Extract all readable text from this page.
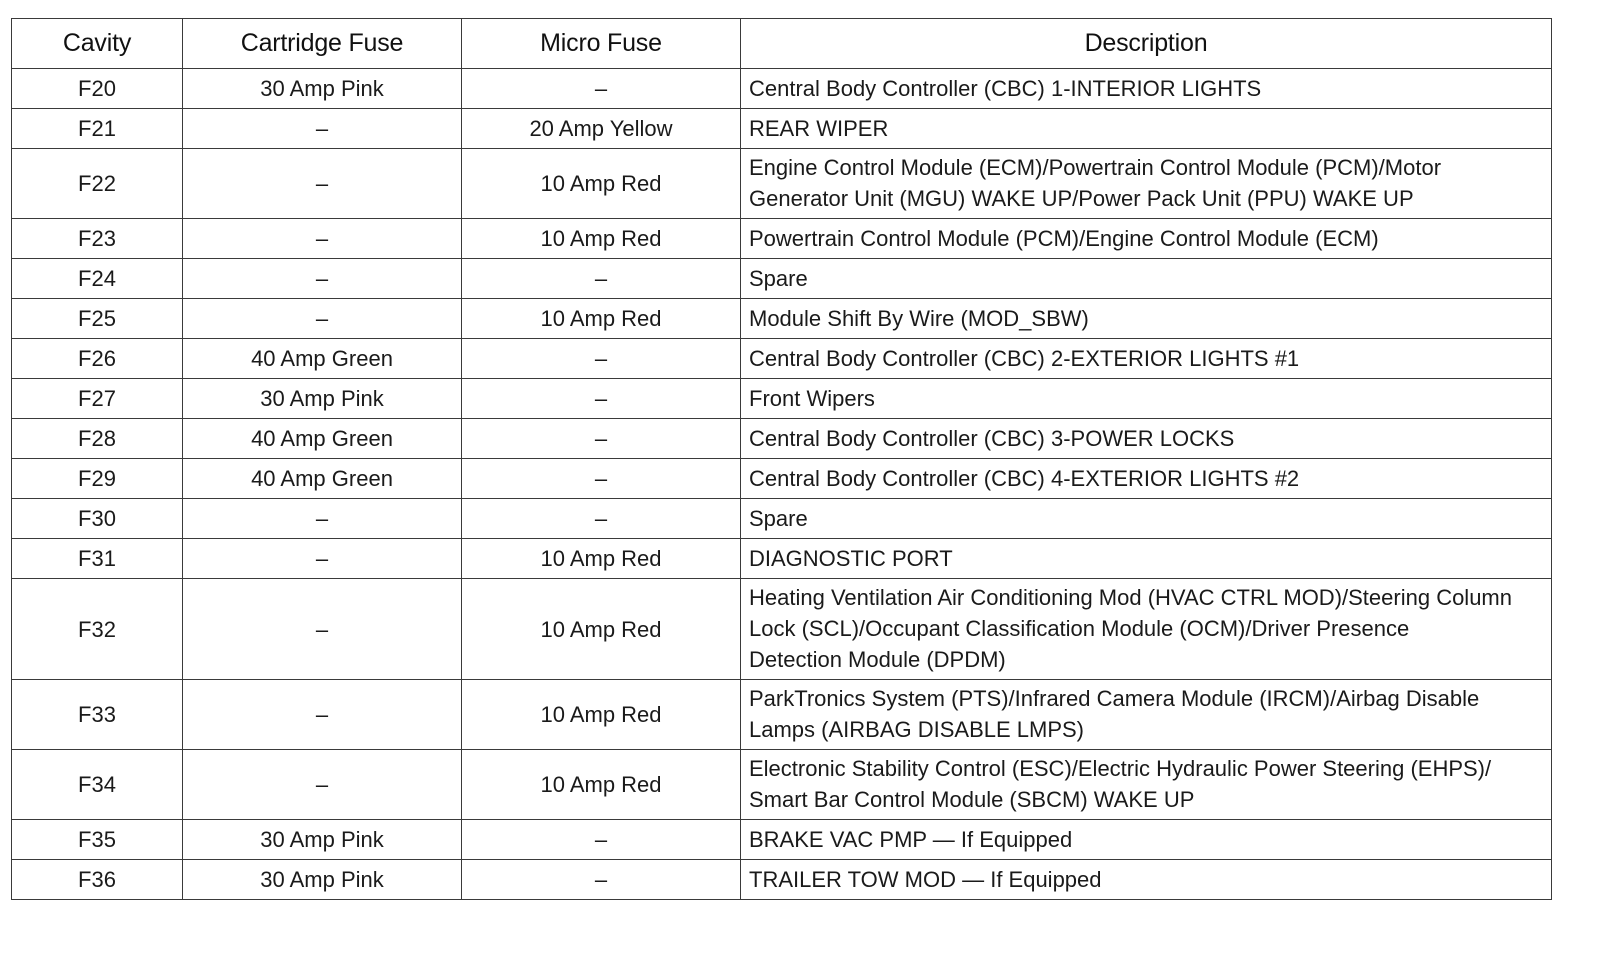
Cavity	Cartridge Fuse	Micro Fuse	Description
F20	30 Amp Pink	–	Central Body Controller (CBC) 1-INTERIOR LIGHTS
F21	–	20 Amp Yellow	REAR WIPER
F22	–	10 Amp Red	Engine Control Module (ECM)/Powertrain Control Module (PCM)/Motor
Generator Unit (MGU) WAKE UP/Power Pack Unit (PPU) WAKE UP
F23	–	10 Amp Red	Powertrain Control Module (PCM)/Engine Control Module (ECM)
F24	–	–	Spare
F25	–	10 Amp Red	Module Shift By Wire (MOD_SBW)
F26	40 Amp Green	–	Central Body Controller (CBC) 2-EXTERIOR LIGHTS #1
F27	30 Amp Pink	–	Front Wipers
F28	40 Amp Green	–	Central Body Controller (CBC) 3-POWER LOCKS
F29	40 Amp Green	–	Central Body Controller (CBC) 4-EXTERIOR LIGHTS #2
F30	–	–	Spare
F31	–	10 Amp Red	DIAGNOSTIC PORT
F32	–	10 Amp Red	Heating Ventilation Air Conditioning Mod (HVAC CTRL MOD)/Steering Column
Lock (SCL)/Occupant Classification Module (OCM)/Driver Presence
Detection Module (DPDM)
F33	–	10 Amp Red	ParkTronics System (PTS)/Infrared Camera Module (IRCM)/Airbag Disable
Lamps (AIRBAG DISABLE LMPS)
F34	–	10 Amp Red	Electronic Stability Control (ESC)/Electric Hydraulic Power Steering (EHPS)/
Smart Bar Control Module (SBCM) WAKE UP
F35	30 Amp Pink	–	BRAKE VAC PMP — If Equipped
F36	30 Amp Pink	–	TRAILER TOW MOD — If Equipped
